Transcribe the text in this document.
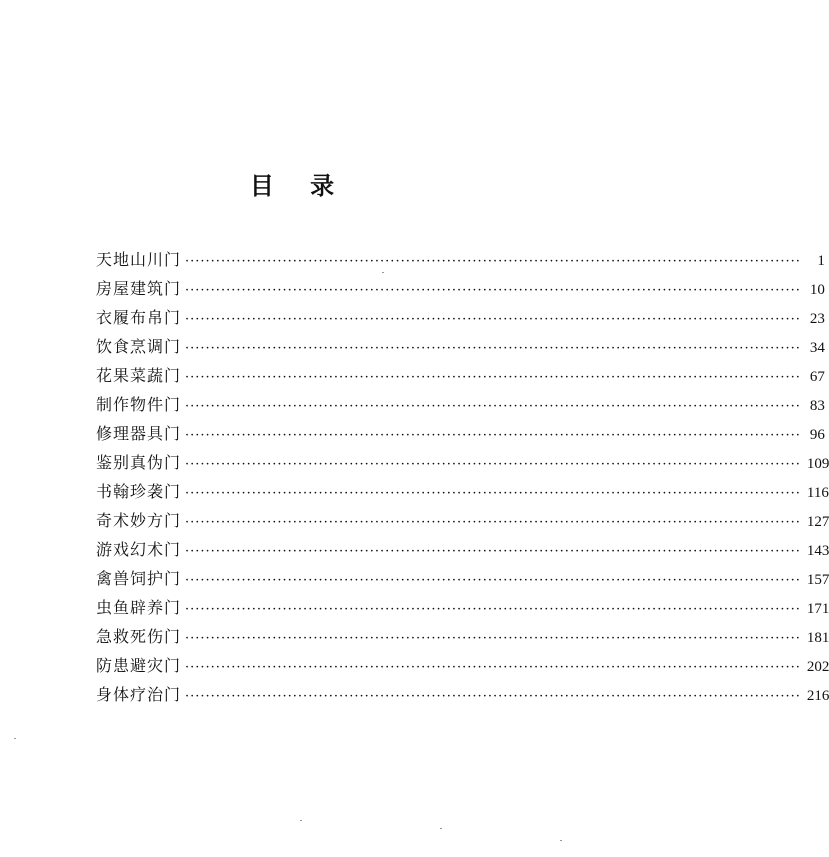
目 录
天地山川门 ························································································································	1
房屋建筑门 ························································································································ 10
衣履布帛门 ························································································································ 23
饮食烹调门 ························································································································ 34
花果菜蔬门 ························································································································ 67
制作物件门 ························································································································ 83
修理器具门 ························································································································ 96
鉴别真伪门 ························································································································ 109
书翰珍袭门 ························································································································ 116
奇术妙方门 ························································································································ 127
游戏幻术门 ························································································································ 143
禽兽饲护门 ························································································································ 157
虫鱼辟养门 ························································································································ 171
急救死伤门 ························································································································ 181
防患避灾门 ························································································································ 202
身体疗治门 ························································································································ 216
